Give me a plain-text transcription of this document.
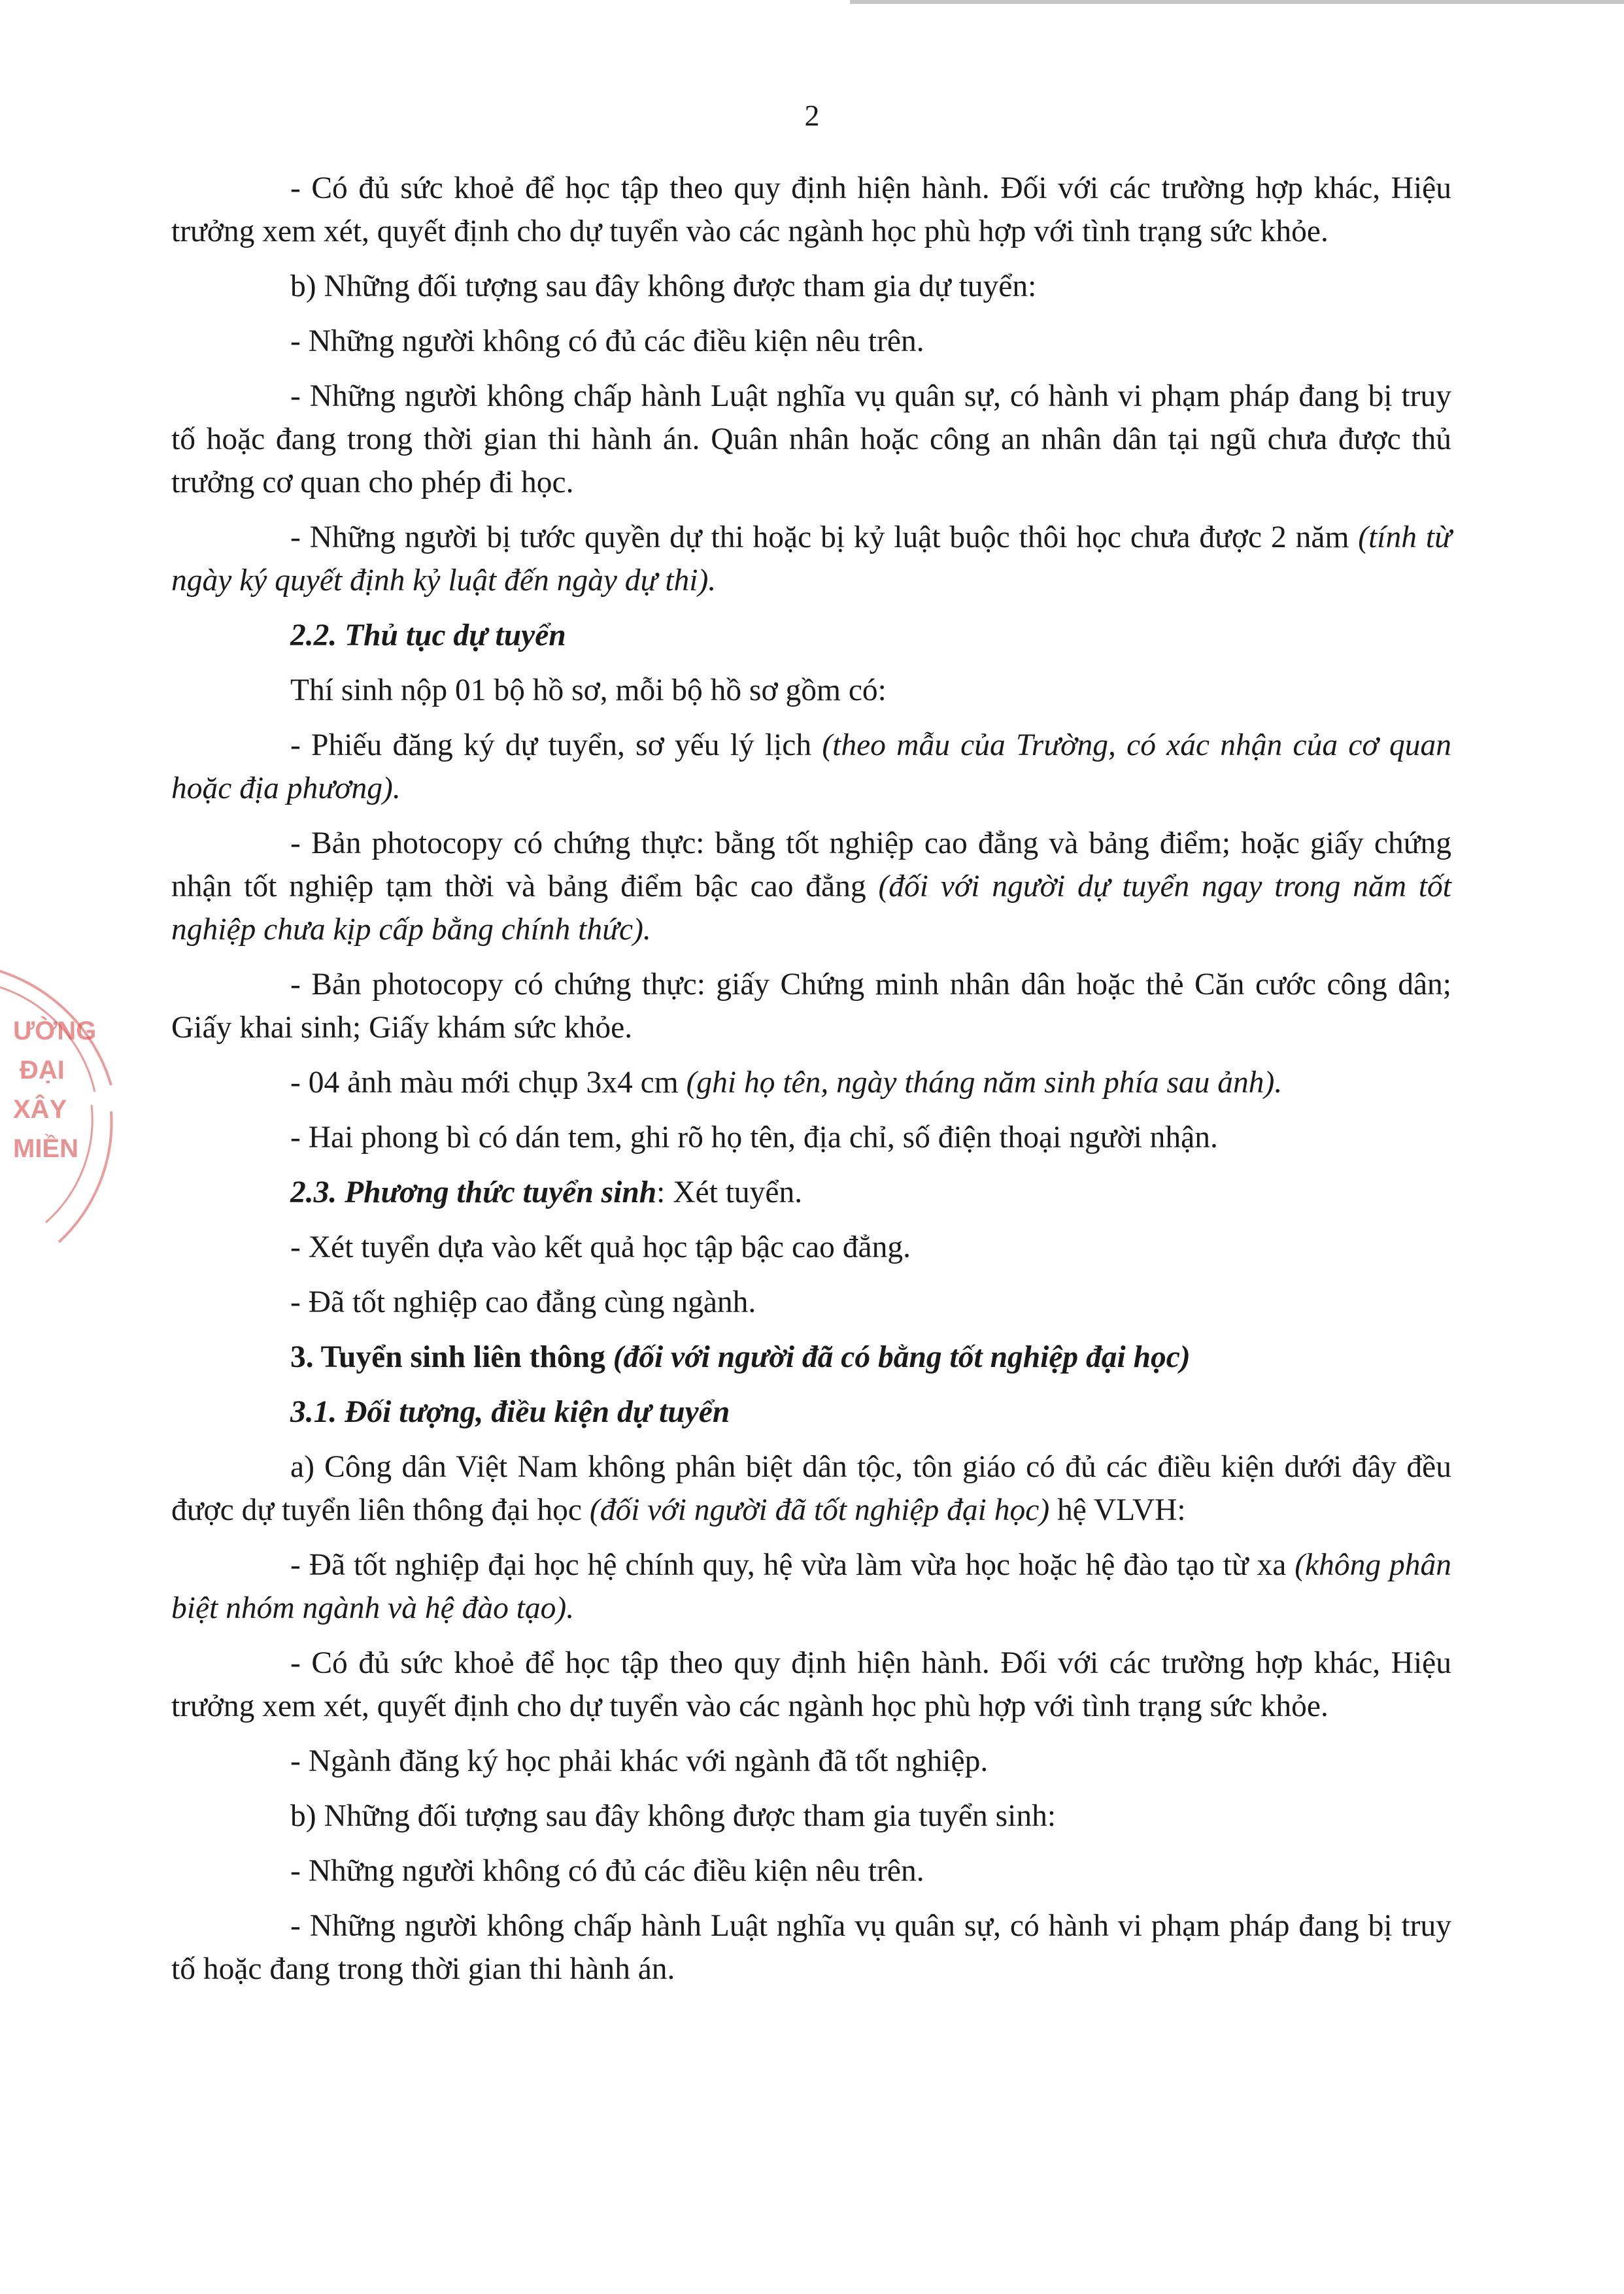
2
ƯỜNG
ĐẠI
XÂY
MIỀN

- Có đủ sức khoẻ để học tập theo quy định hiện hành. Đối với các trường hợp khác, Hiệu trưởng xem xét, quyết định cho dự tuyển vào các ngành học phù hợp với tình trạng sức khỏe.

b) Những đối tượng sau đây không được tham gia dự tuyển:

- Những người không có đủ các điều kiện nêu trên.

- Những người không chấp hành Luật nghĩa vụ quân sự, có hành vi phạm pháp đang bị truy tố hoặc đang trong thời gian thi hành án. Quân nhân hoặc công an nhân dân tại ngũ chưa được thủ trưởng cơ quan cho phép đi học.

- Những người bị tước quyền dự thi hoặc bị kỷ luật buộc thôi học chưa được 2 năm (tính từ ngày ký quyết định kỷ luật đến ngày dự thi).

2.2. Thủ tục dự tuyển

Thí sinh nộp 01 bộ hồ sơ, mỗi bộ hồ sơ gồm có:

- Phiếu đăng ký dự tuyển, sơ yếu lý lịch (theo mẫu của Trường, có xác nhận của cơ quan hoặc địa phương).

- Bản photocopy có chứng thực: bằng tốt nghiệp cao đẳng và bảng điểm; hoặc giấy chứng nhận tốt nghiệp tạm thời và bảng điểm bậc cao đẳng (đối với người dự tuyển ngay trong năm tốt nghiệp chưa kịp cấp bằng chính thức).

- Bản photocopy có chứng thực: giấy Chứng minh nhân dân hoặc thẻ Căn cước công dân; Giấy khai sinh; Giấy khám sức khỏe.

- 04 ảnh màu mới chụp 3x4 cm (ghi họ tên, ngày tháng năm sinh phía sau ảnh).

- Hai phong bì có dán tem, ghi rõ họ tên, địa chỉ, số điện thoại người nhận.

2.3. Phương thức tuyển sinh: Xét tuyển.

- Xét tuyển dựa vào kết quả học tập bậc cao đẳng.

- Đã tốt nghiệp cao đẳng cùng ngành.

3. Tuyển sinh liên thông (đối với người đã có bằng tốt nghiệp đại học)

3.1. Đối tượng, điều kiện dự tuyển

a) Công dân Việt Nam không phân biệt dân tộc, tôn giáo có đủ các điều kiện dưới đây đều được dự tuyển liên thông đại học (đối với người đã tốt nghiệp đại học) hệ VLVH:

- Đã tốt nghiệp đại học hệ chính quy, hệ vừa làm vừa học hoặc hệ đào tạo từ xa (không phân biệt nhóm ngành và hệ đào tạo).

- Có đủ sức khoẻ để học tập theo quy định hiện hành. Đối với các trường hợp khác, Hiệu trưởng xem xét, quyết định cho dự tuyển vào các ngành học phù hợp với tình trạng sức khỏe.

- Ngành đăng ký học phải khác với ngành đã tốt nghiệp.

b) Những đối tượng sau đây không được tham gia tuyển sinh:

- Những người không có đủ các điều kiện nêu trên.

- Những người không chấp hành Luật nghĩa vụ quân sự, có hành vi phạm pháp đang bị truy tố hoặc đang trong thời gian thi hành án.
